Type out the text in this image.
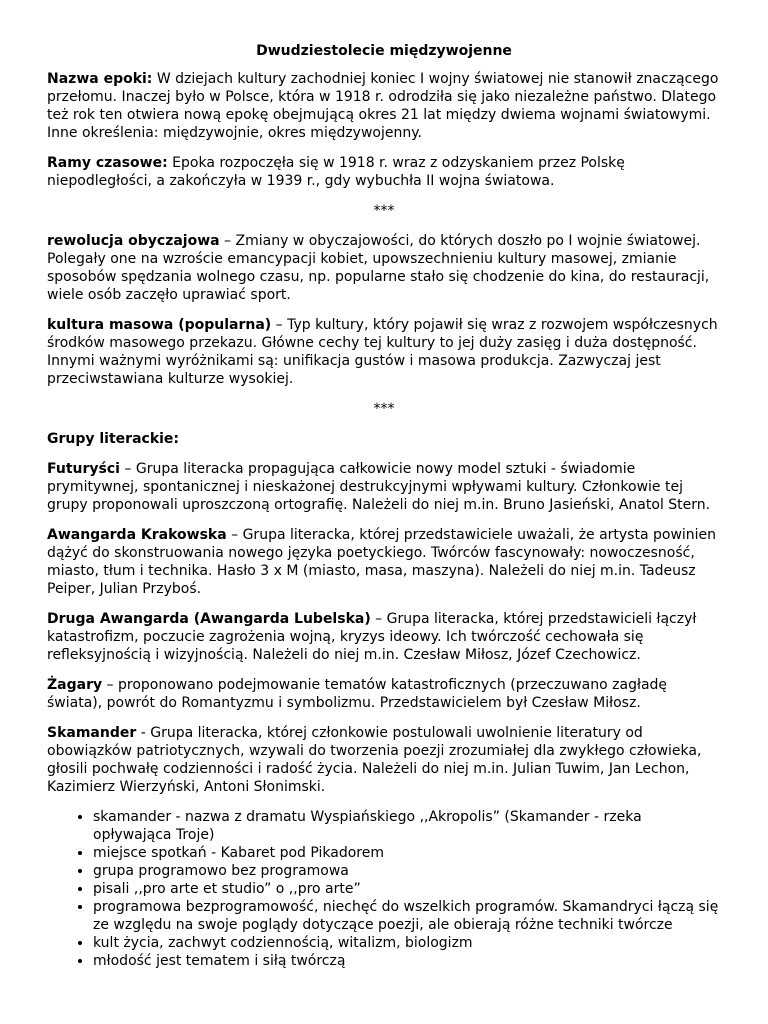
Dwudziestolecie międzywojenne

Nazwa epoki: W dziejach kultury zachodniej koniec I wojny światowej nie stanowił znaczącego przełomu. Inaczej było w Polsce, która w 1918 r. odrodziła się jako niezależne państwo. Dlatego też rok ten otwiera nową epokę obejmującą okres 21 lat między dwiema wojnami światowymi. Inne określenia: międzywojnie, okres międzywojenny.

Ramy czasowe: Epoka rozpoczęła się w 1918 r. wraz z odzyskaniem przez Polskę niepodległości, a zakończyła w 1939 r., gdy wybuchła II wojna światowa.

***

rewolucja obyczajowa – Zmiany w obyczajowości, do których doszło po I wojnie światowej. Polegały one na wzroście emancypacji kobiet, upowszechnieniu kultury masowej, zmianie sposobów spędzania wolnego czasu, np. popularne stało się chodzenie do kina, do restauracji, wiele osób zaczęło uprawiać sport.

kultura masowa (popularna) – Typ kultury, który pojawił się wraz z rozwojem współczesnych środków masowego przekazu. Główne cechy tej kultury to jej duży zasięg i duża dostępność. Innymi ważnymi wyróżnikami są: unifikacja gustów i masowa produkcja. Zazwyczaj jest przeciwstawiana kulturze wysokiej.

***
Grupy literackie:

Futuryści – Grupa literacka propagująca całkowicie nowy model sztuki - świadomie prymitywnej, spontanicznej i nieskażonej destrukcyjnymi wpływami kultury. Członkowie tej grupy proponowali uproszczoną ortografię. Należeli do niej m.in. Bruno Jasieński, Anatol Stern.

Awangarda Krakowska – Grupa literacka, której przedstawiciele uważali, że artysta powinien dążyć do skonstruowania nowego języka poetyckiego. Twórców fascynowały: nowoczesność, miasto, tłum i technika. Hasło 3 x M (miasto, masa, maszyna). Należeli do niej m.in. Tadeusz Peiper, Julian Przyboś.

Druga Awangarda (Awangarda Lubelska) – Grupa literacka, której przedstawicieli łączył katastrofizm, poczucie zagrożenia wojną, kryzys ideowy. Ich twórczość cechowała się refleksyjnością i wizyjnością. Należeli do niej m.in. Czesław Miłosz, Józef Czechowicz.

Żagary – proponowano podejmowanie tematów katastroficznych (przeczuwano zagładę świata), powrót do Romantyzmu i symbolizmu. Przedstawicielem był Czesław Miłosz.

Skamander - Grupa literacka, której członkowie postulowali uwolnienie literatury od obowiązków patriotycznych, wzywali do tworzenia poezji zrozumiałej dla zwykłego człowieka, głosili pochwałę codzienności i radość życia. Należeli do niej m.in. Julian Tuwim, Jan Lechon, Kazimierz Wierzyński, Antoni Słonimski.

• skamander - nazwa z dramatu Wyspiańskiego ,,Akropolis” (Skamander - rzeka opływająca Troje)
• miejsce spotkań - Kabaret pod Pikadorem
• grupa programowo bez programowa
• pisali ,,pro arte et studio” o ,,pro arte”
• programowa bezprogramowość, niechęć do wszelkich programów. Skamandryci łączą się ze względu na swoje poglądy dotyczące poezji, ale obierają różne techniki twórcze
• kult życia, zachwyt codziennością, witalizm, biologizm
• młodość jest tematem i siłą twórczą
